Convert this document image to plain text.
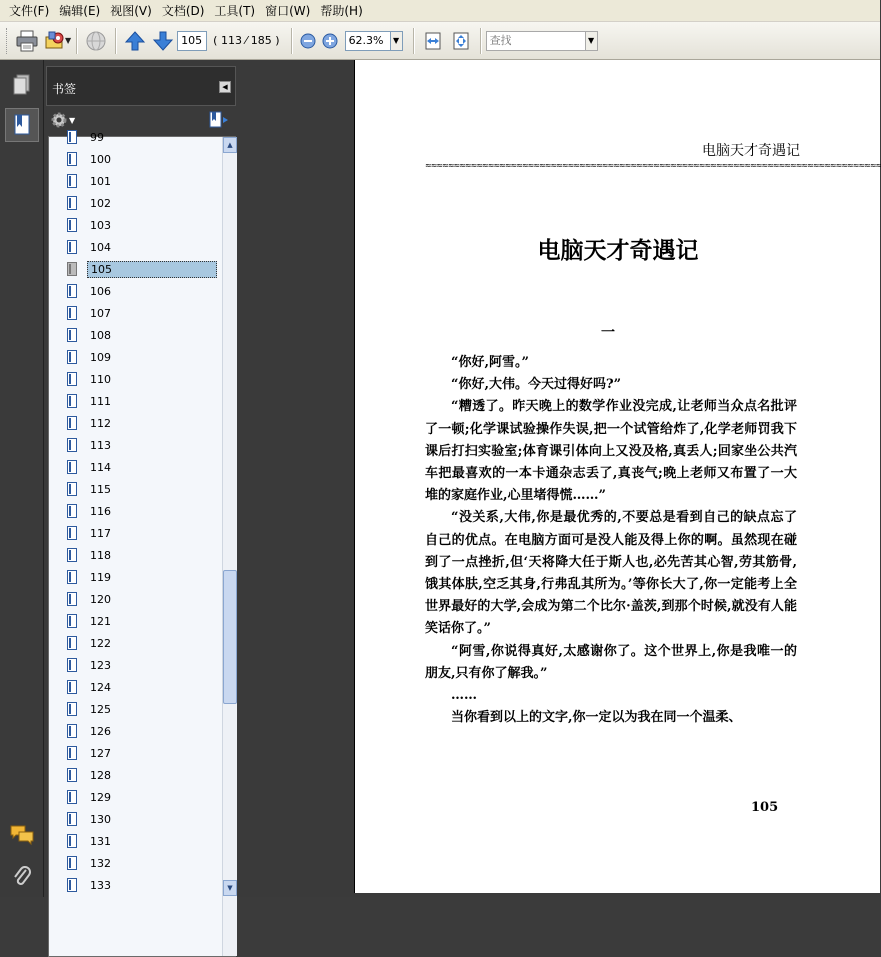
文件(F) 编辑(E) 视图(V) 文档(D) 工具(T) 窗口(W) 帮助(H)
▼
105	( 113 ⁄ 185 )
62.3%	▼
查找	▼
书签	◀
▼
99
100
101
102
103
104
105
106
107
108
109
110
111
112
113
114
115
116
117
118
119
120
121
122
123
124
125
126
127
128
129
130
131
132
133
▲
▼
电脑天才奇遇记
≈≈≈≈≈≈≈≈≈≈≈≈≈≈≈≈≈≈≈≈≈≈≈≈≈≈≈≈≈≈≈≈≈≈≈≈≈≈≈≈≈≈≈≈≈≈≈≈≈≈≈≈≈≈≈≈≈≈≈≈≈≈≈≈≈≈≈≈≈≈≈≈≈≈≈≈≈≈≈≈
电脑天才奇遇记
一

“你好,阿雪。”

“你好,大伟。今天过得好吗?”

“糟透了。昨天晚上的数学作业没完成,让老师当众点名批评了一顿;化学课试验操作失误,把一个试管给炸了,化学老师罚我下课后打扫实验室;体育课引体向上又没及格,真丢人;回家坐公共汽车把最喜欢的一本卡通杂志丢了,真丧气;晚上老师又布置了一大堆的家庭作业,心里堵得慌……”

“没关系,大伟,你是最优秀的,不要总是看到自己的缺点忘了自己的优点。在电脑方面可是没人能及得上你的啊。虽然现在碰到了一点挫折,但‘天将降大任于斯人也,必先苦其心智,劳其筋骨,饿其体肤,空乏其身,行弗乱其所为。’等你长大了,你一定能考上全世界最好的大学,会成为第二个比尔·盖茨,到那个时候,就没有人能笑话你了。”

“阿雪,你说得真好,太感谢你了。这个世界上,你是我唯一的朋友,只有你了解我。”

……

当你看到以上的文字,你一定以为我在同一个温柔、

105
